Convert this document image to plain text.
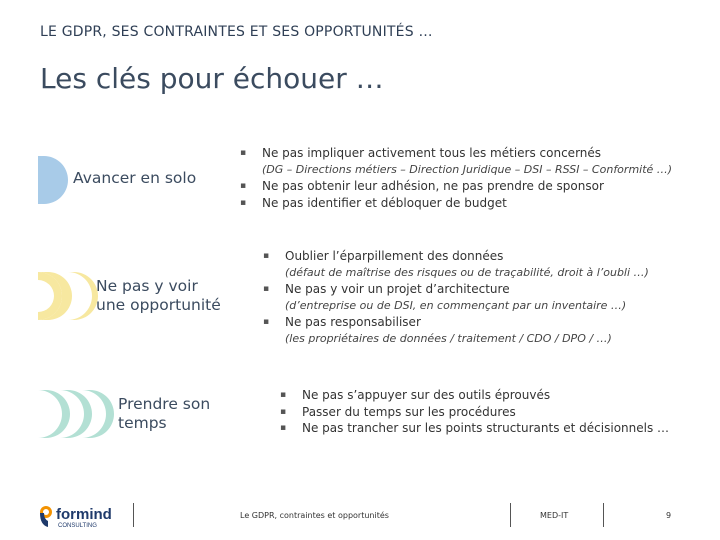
LE GDPR, SES CONTRAINTES ET SES OPPORTUNITÉS …
Les clés pour échouer …
Avancer en solo
Ne pas y voir
une opportunité
Prendre son
temps
▪ Ne pas impliquer activement tous les métiers concernés
(DG – Directions métiers – Direction Juridique – DSI – RSSI – Conformité …)
▪ Ne pas obtenir leur adhésion, ne pas prendre de sponsor
▪ Ne pas identifier et débloquer de budget
▪ Oublier l’éparpillement des données
(défaut de maîtrise des risques ou de traçabilité, droit à l’oubli …)
▪ Ne pas y voir un projet d’architecture
(d’entreprise ou de DSI, en commençant par un inventaire …)
▪ Ne pas responsabiliser
(les propriétaires de données / traitement / CDO / DPO / …)
▪ Ne pas s’appuyer sur des outils éprouvés
▪ Passer du temps sur les procédures
▪ Ne pas trancher sur les points structurants et décisionnels …
formind
CONSULTING
Le GDPR, contraintes et opportunités	MED-IT	9
